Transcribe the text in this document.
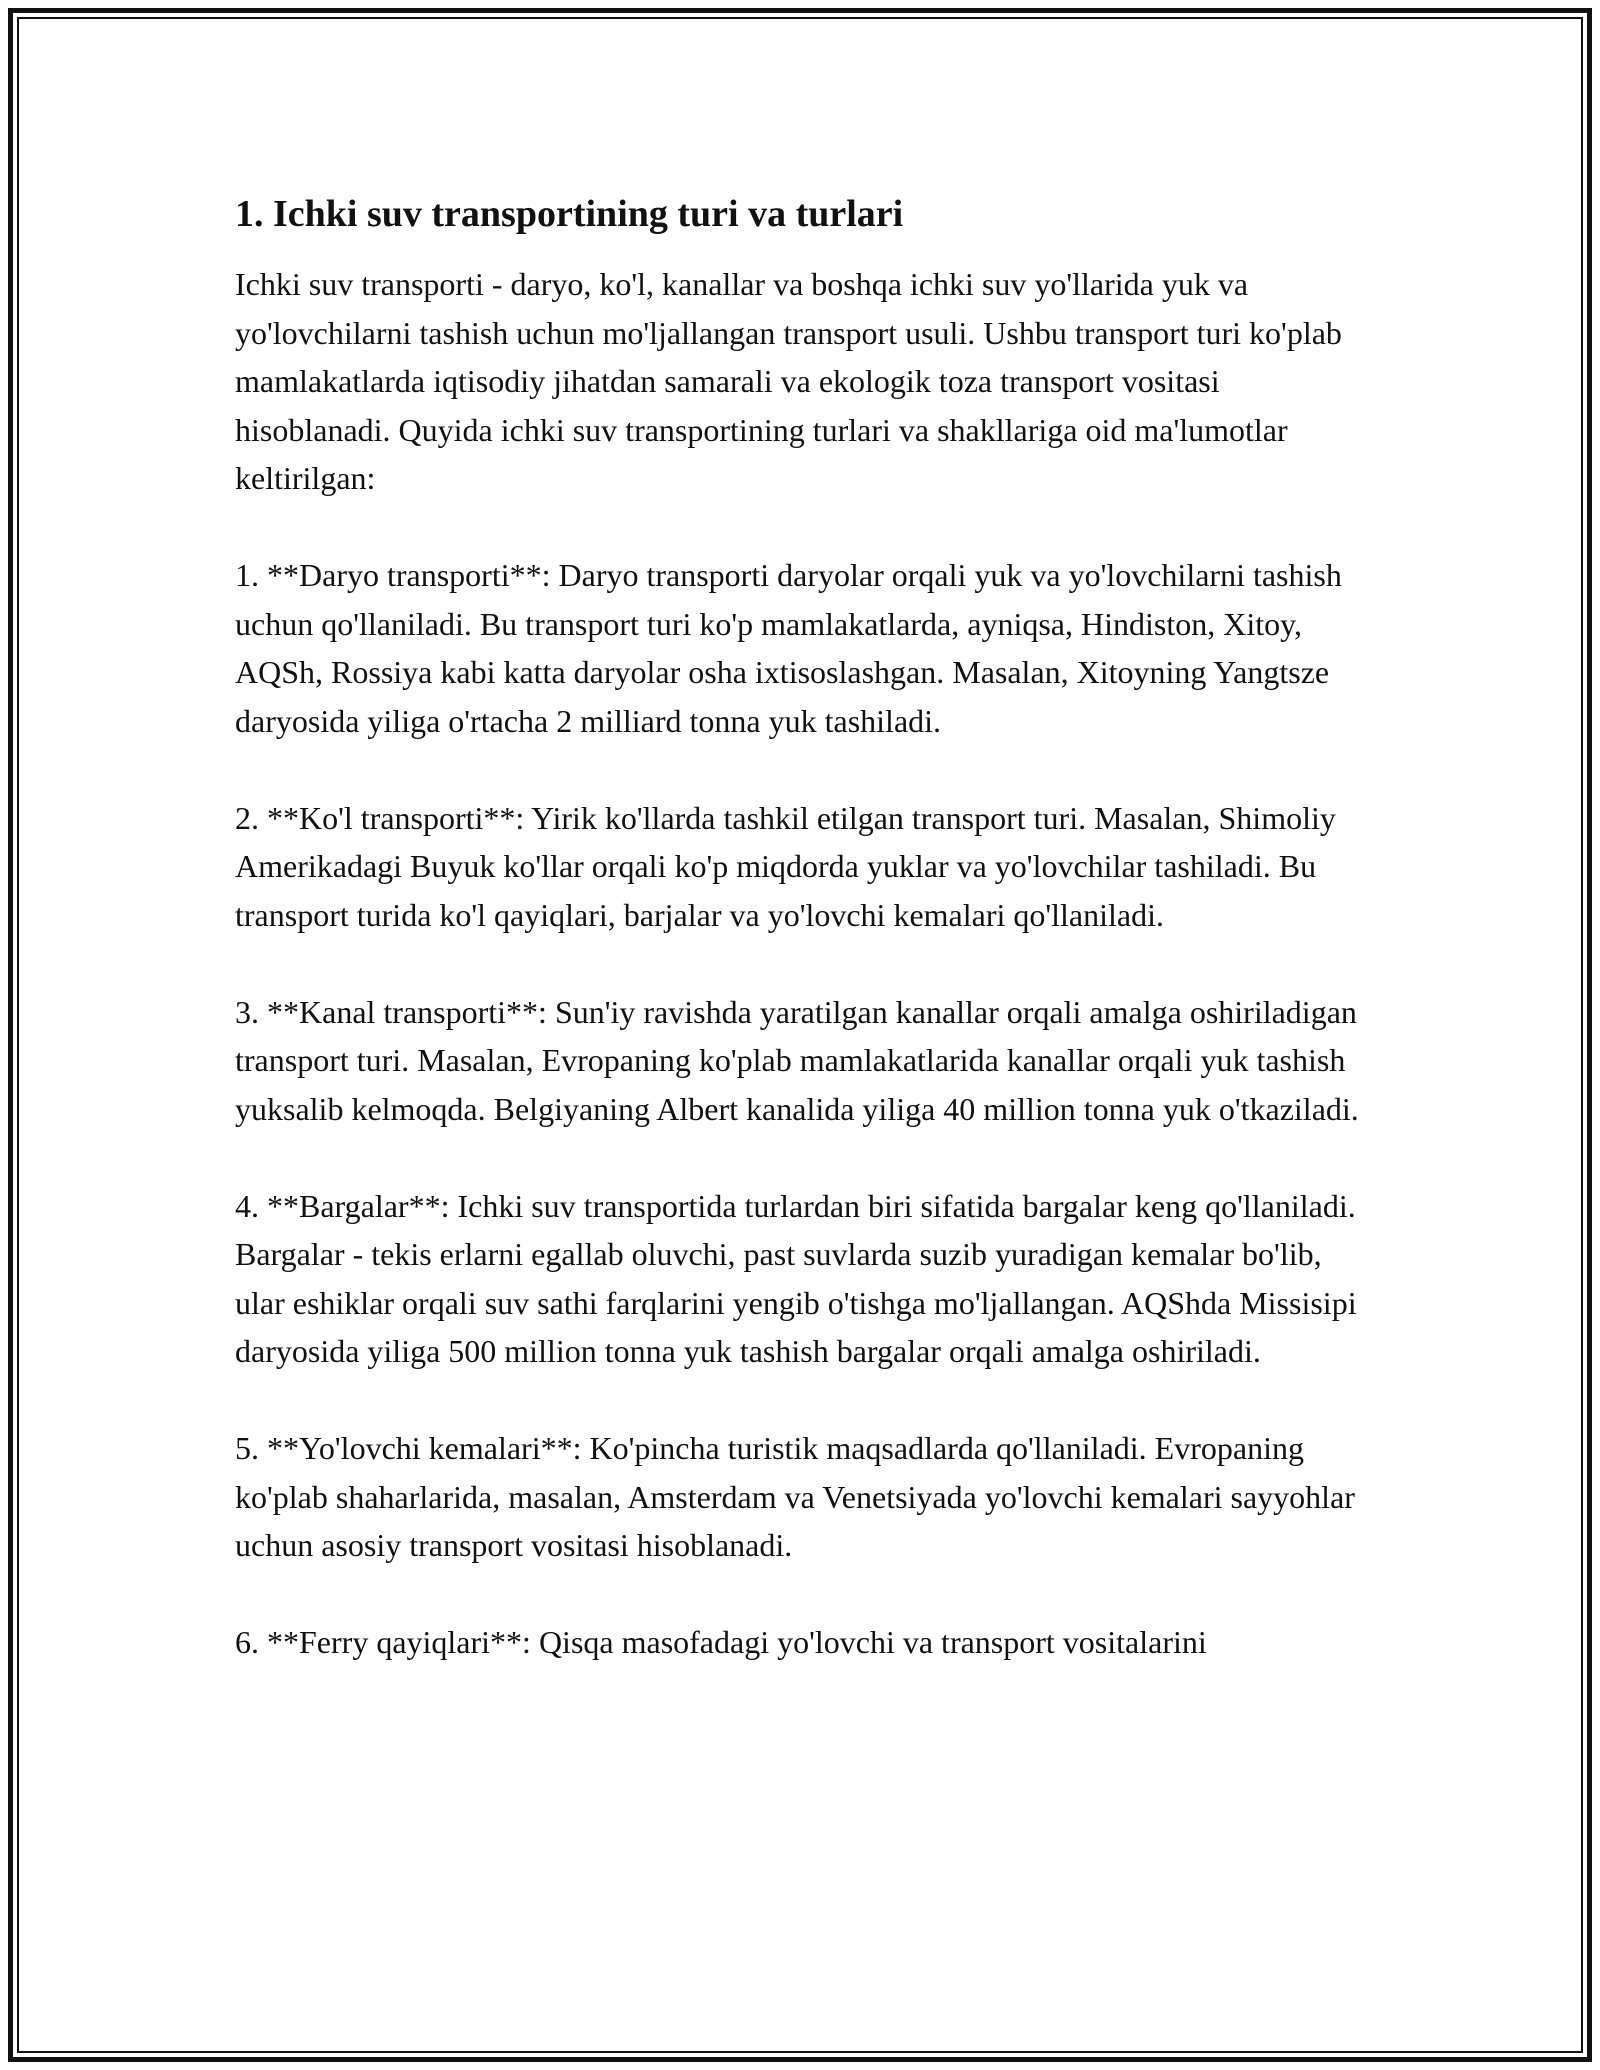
1. Ichki suv transportining turi va turlari

Ichki suv transporti - daryo, ko'l, kanallar va boshqa ichki suv yo'llarida yuk va yo'lovchilarni tashish uchun mo'ljallangan transport usuli. Ushbu transport turi ko'plab mamlakatlarda iqtisodiy jihatdan samarali va ekologik toza transport vositasi hisoblanadi. Quyida ichki suv transportining turlari va shakllariga oid ma'lumotlar keltirilgan:

1. **Daryo transporti**: Daryo transporti daryolar orqali yuk va yo'lovchilarni tashish uchun qo'llaniladi. Bu transport turi ko'p mamlakatlarda, ayniqsa, Hindiston, Xitoy, AQSh, Rossiya kabi katta daryolar osha ixtisoslashgan. Masalan, Xitoyning Yangtsze daryosida yiliga o'rtacha 2 milliard tonna yuk tashiladi.

2. **Ko'l transporti**: Yirik ko'llarda tashkil etilgan transport turi. Masalan, Shimoliy Amerikadagi Buyuk ko'llar orqali ko'p miqdorda yuklar va yo'lovchilar tashiladi. Bu transport turida ko'l qayiqlari, barjalar va yo'lovchi kemalari qo'llaniladi.

3. **Kanal transporti**: Sun'iy ravishda yaratilgan kanallar orqali amalga oshiriladigan transport turi. Masalan, Evropaning ko'plab mamlakatlarida kanallar orqali yuk tashish yuksalib kelmoqda. Belgiyaning Albert kanalida yiliga 40 million tonna yuk o'tkaziladi.

4. **Bargalar**: Ichki suv transportida turlardan biri sifatida bargalar keng qo'llaniladi. Bargalar - tekis erlarni egallab oluvchi, past suvlarda suzib yuradigan kemalar bo'lib, ular eshiklar orqali suv sathi farqlarini yengib o'tishga mo'ljallangan. AQShda Missisipi daryosida yiliga 500 million tonna yuk tashish bargalar orqali amalga oshiriladi.

5. **Yo'lovchi kemalari**: Ko'pincha turistik maqsadlarda qo'llaniladi. Evropaning ko'plab shaharlarida, masalan, Amsterdam va Venetsiyada yo'lovchi kemalari sayyohlar uchun asosiy transport vositasi hisoblanadi.

6. **Ferry qayiqlari**: Qisqa masofadagi yo'lovchi va transport vositalarini
